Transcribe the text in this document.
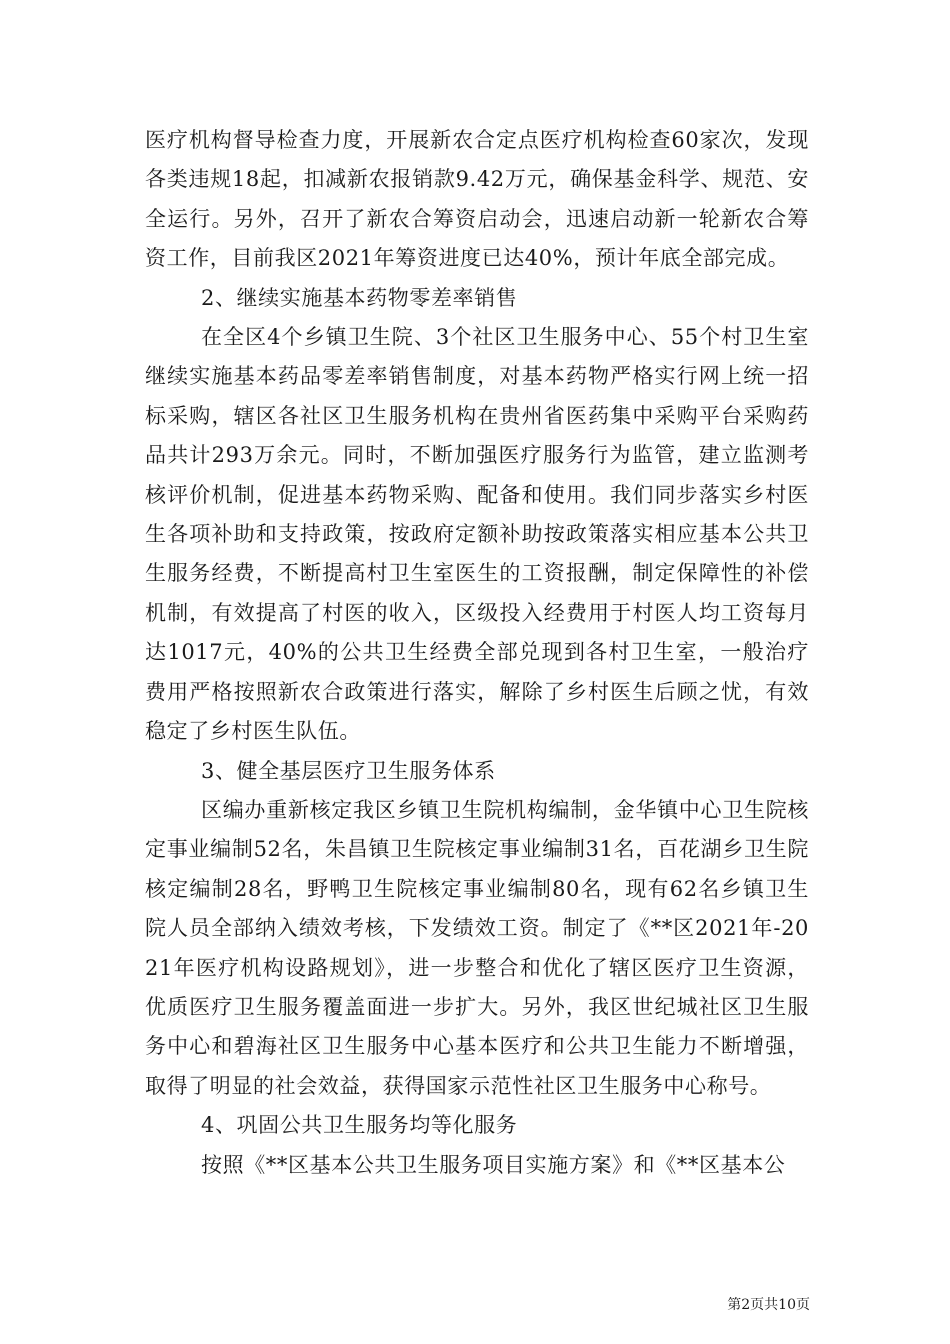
医疗机构督导检查力度，开展新农合定点医疗机构检查60家次，发现各类违规18起，扣减新农报销款9.42万元，确保基金科学、规范、安全运行。另外，召开了新农合筹资启动会，迅速启动新一轮新农合筹资工作，目前我区2021年筹资进度已达40%，预计年底全部完成。

2、继续实施基本药物零差率销售

在全区4个乡镇卫生院、3个社区卫生服务中心、55个村卫生室继续实施基本药品零差率销售制度，对基本药物严格实行网上统一招标采购，辖区各社区卫生服务机构在贵州省医药集中采购平台采购药品共计293万余元。同时，不断加强医疗服务行为监管，建立监测考核评价机制，促进基本药物采购、配备和使用。我们同步落实乡村医生各项补助和支持政策，按政府定额补助按政策落实相应基本公共卫生服务经费，不断提高村卫生室医生的工资报酬，制定保障性的补偿机制，有效提高了村医的收入，区级投入经费用于村医人均工资每月达1017元，40%的公共卫生经费全部兑现到各村卫生室，一般治疗费用严格按照新农合政策进行落实，解除了乡村医生后顾之忧，有效稳定了乡村医生队伍。

3、健全基层医疗卫生服务体系

区编办重新核定我区乡镇卫生院机构编制，金华镇中心卫生院核定事业编制52名，朱昌镇卫生院核定事业编制31名，百花湖乡卫生院核定编制28名，野鸭卫生院核定事业编制80名，现有62名乡镇卫生院人员全部纳入绩效考核，下发绩效工资。制定了《**区2021年-2021年医疗机构设路规划》，进一步整合和优化了辖区医疗卫生资源，优质医疗卫生服务覆盖面进一步扩大。另外，我区世纪城社区卫生服务中心和碧海社区卫生服务中心基本医疗和公共卫生能力不断增强，取得了明显的社会效益，获得国家示范性社区卫生服务中心称号。

4、巩固公共卫生服务均等化服务

按照《**区基本公共卫生服务项目实施方案》和《**区基本公

第2页共10页
